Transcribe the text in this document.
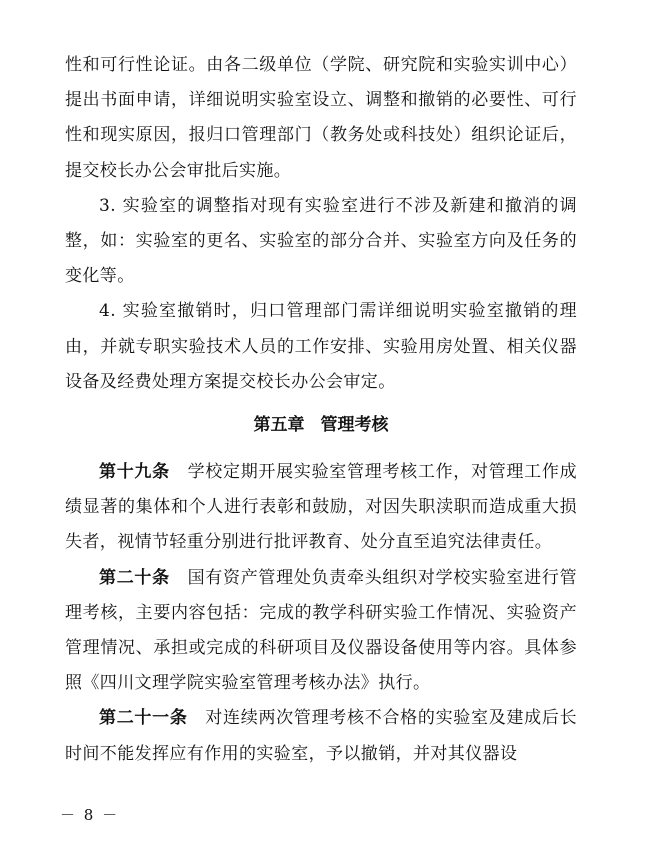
性和可行性论证。由各二级单位（学院、研究院和实验实训中心）提出书面申请，详细说明实验室设立、调整和撤销的必要性、可行性和现实原因，报归口管理部门（教务处或科技处）组织论证后，提交校长办公会审批后实施。

3. 实验室的调整指对现有实验室进行不涉及新建和撤消的调整，如：实验室的更名、实验室的部分合并、实验室方向及任务的变化等。

4. 实验室撤销时，归口管理部门需详细说明实验室撤销的理由，并就专职实验技术人员的工作安排、实验用房处置、相关仪器设备及经费处理方案提交校长办公会审定。

第五章 管理考核

第十九条　 学校定期开展实验室管理考核工作，对管理工作成绩显著的集体和个人进行表彰和鼓励，对因失职渎职而造成重大损失者，视情节轻重分别进行批评教育、处分直至追究法律责任。

第二十条　 国有资产管理处负责牵头组织对学校实验室进行管理考核，主要内容包括：完成的教学科研实验工作情况、实验资产管理情况、承担或完成的科研项目及仪器设备使用等内容。具体参照《四川文理学院实验室管理考核办法》执行。

第二十一条　 对连续两次管理考核不合格的实验室及建成后长时间不能发挥应有作用的实验室，予以撤销，并对其仪器设

－ 8 －
